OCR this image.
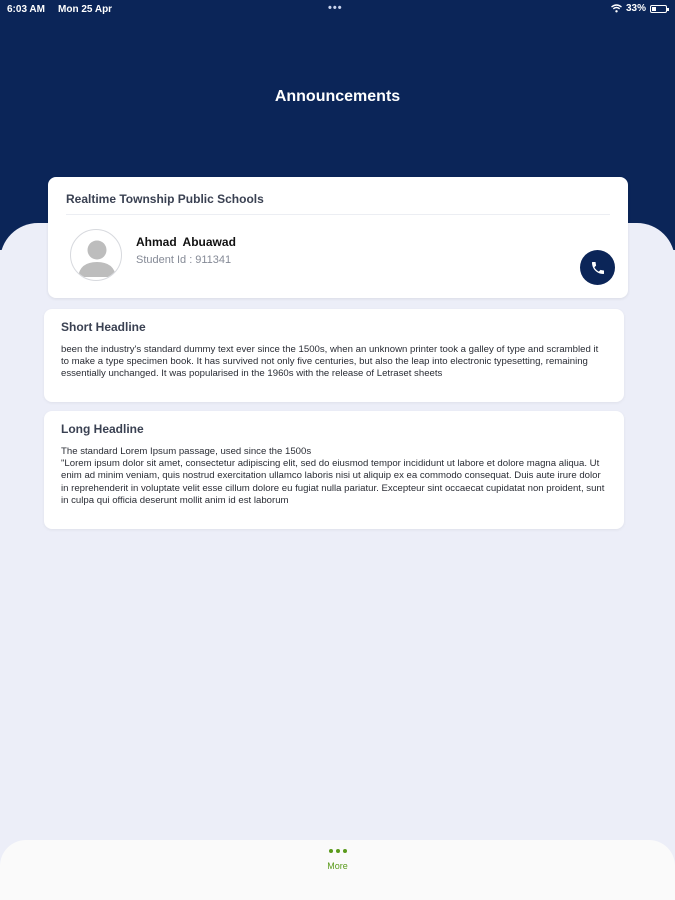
6:03 AM Mon 25 Apr	•••	33%
Announcements
Realtime Township Public Schools
Ahmad Abuawad
Student Id : 911341
Short Headline
been the industry's standard dummy text ever since the 1500s, when an unknown printer took a galley of type and scrambled it to make a type specimen book. It has survived not only five centuries, but also the leap into electronic typesetting, remaining essentially unchanged. It was popularised in the 1960s with the release of Letraset sheets
Long Headline
The standard Lorem Ipsum passage, used since the 1500s
"Lorem ipsum dolor sit amet, consectetur adipiscing elit, sed do eiusmod tempor incididunt ut labore et dolore magna aliqua. Ut enim ad minim veniam, quis nostrud exercitation ullamco laboris nisi ut aliquip ex ea commodo consequat. Duis aute irure dolor in reprehenderit in voluptate velit esse cillum dolore eu fugiat nulla pariatur. Excepteur sint occaecat cupidatat non proident, sunt in culpa qui officia deserunt mollit anim id est laborum
More
